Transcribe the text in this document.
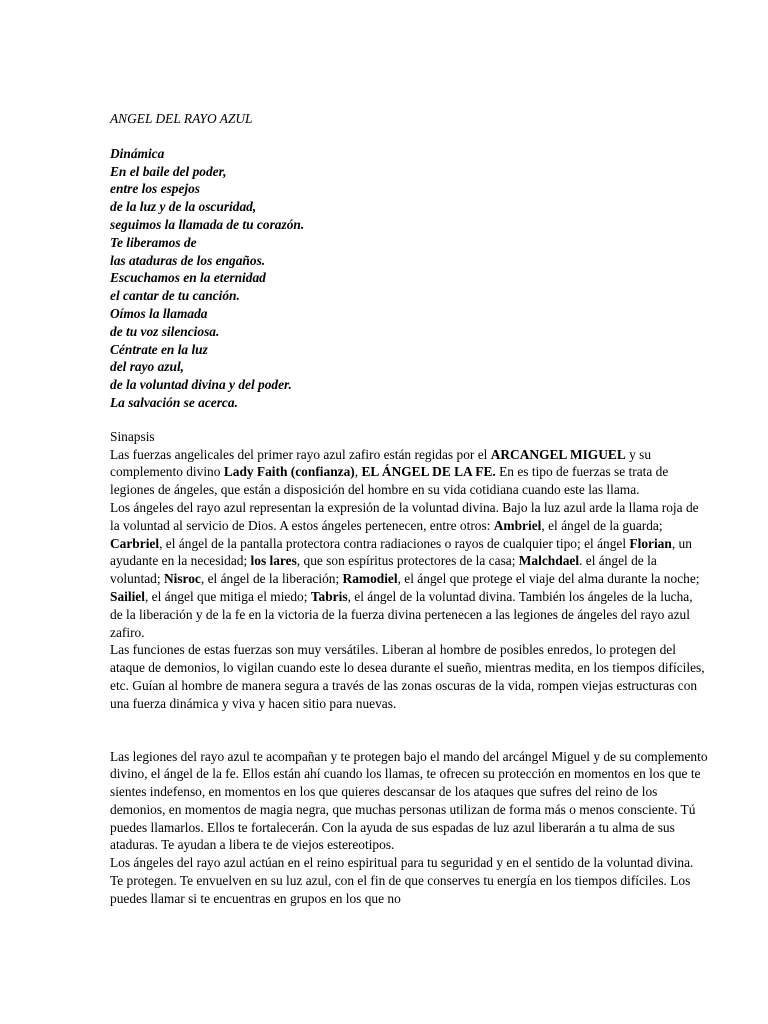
ANGEL DEL RAYO AZUL
Dinámica
En el baile del poder,
entre los espejos
de la luz y de la oscuridad,
seguimos la llamada de tu corazón.
Te liberamos de
las ataduras de los engaños.
Escuchamos en la eternidad
el cantar de tu canción.
Oímos la llamada
de tu voz silenciosa.
Céntrate en la luz
del rayo azul,
de la voluntad divina y del poder.
La salvación se acerca.
Sinapsis

Las fuerzas angelicales del primer rayo azul zafiro están regidas por el ARCANGEL MIGUEL y su complemento divino Lady Faith (confianza), EL ÁNGEL DE LA FE. En es tipo de fuerzas se trata de legiones de ángeles, que están a disposición del hombre en su vida cotidiana cuando este las llama.

Los ángeles del rayo azul representan la expresión de la voluntad divina. Bajo la luz azul arde la llama roja de la voluntad al servicio de Dios. A estos ángeles pertenecen, entre otros: Ambriel, el ángel de la guarda; Carbriel, el ángel de la pantalla protectora contra radiaciones o rayos de cualquier tipo; el ángel Florian, un ayudante en la necesidad; los lares, que son espíritus protectores de la casa; Malchdael. el ángel de la voluntad; Nisroc, el ángel de la liberación; Ramodiel, el ángel que protege el viaje del alma durante la noche; Sailiel, el ángel que mitiga el miedo; Tabris, el ángel de la voluntad divina. También los ángeles de la lucha, de la liberación y de la fe en la victoria de la fuerza divina pertenecen a las legiones de ángeles del rayo azul zafiro.

Las funciones de estas fuerzas son muy versátiles. Liberan al hombre de posibles enredos, lo protegen del ataque de demonios, lo vigilan cuando este lo desea durante el sueño, mientras medita, en los tiempos difíciles, etc. Guían al hombre de manera segura a través de las zonas oscuras de la vida, rompen viejas estructuras con una fuerza dinámica y viva y hacen sitio para nuevas.

Las legiones del rayo azul te acompañan y te protegen bajo el mando del arcángel Miguel y de su complemento divino, el ángel de la fe. Ellos están ahí cuando los llamas, te ofrecen su protección en momentos en los que te sientes indefenso, en momentos en los que quieres descansar de los ataques que sufres del reino de los demonios, en momentos de magia negra, que muchas personas utilizan de forma más o menos consciente. Tú puedes llamarlos. Ellos te fortalecerán. Con la ayuda de sus espadas de luz azul liberarán a tu alma de sus ataduras. Te ayudan a libera te de viejos estereotipos.

Los ángeles del rayo azul actúan en el reino espiritual para tu seguridad y en el sentido de la voluntad divina. Te protegen. Te envuelven en su luz azul, con el fin de que conserves tu energía en los tiempos difíciles. Los puedes llamar si te encuentras en grupos en los que no
